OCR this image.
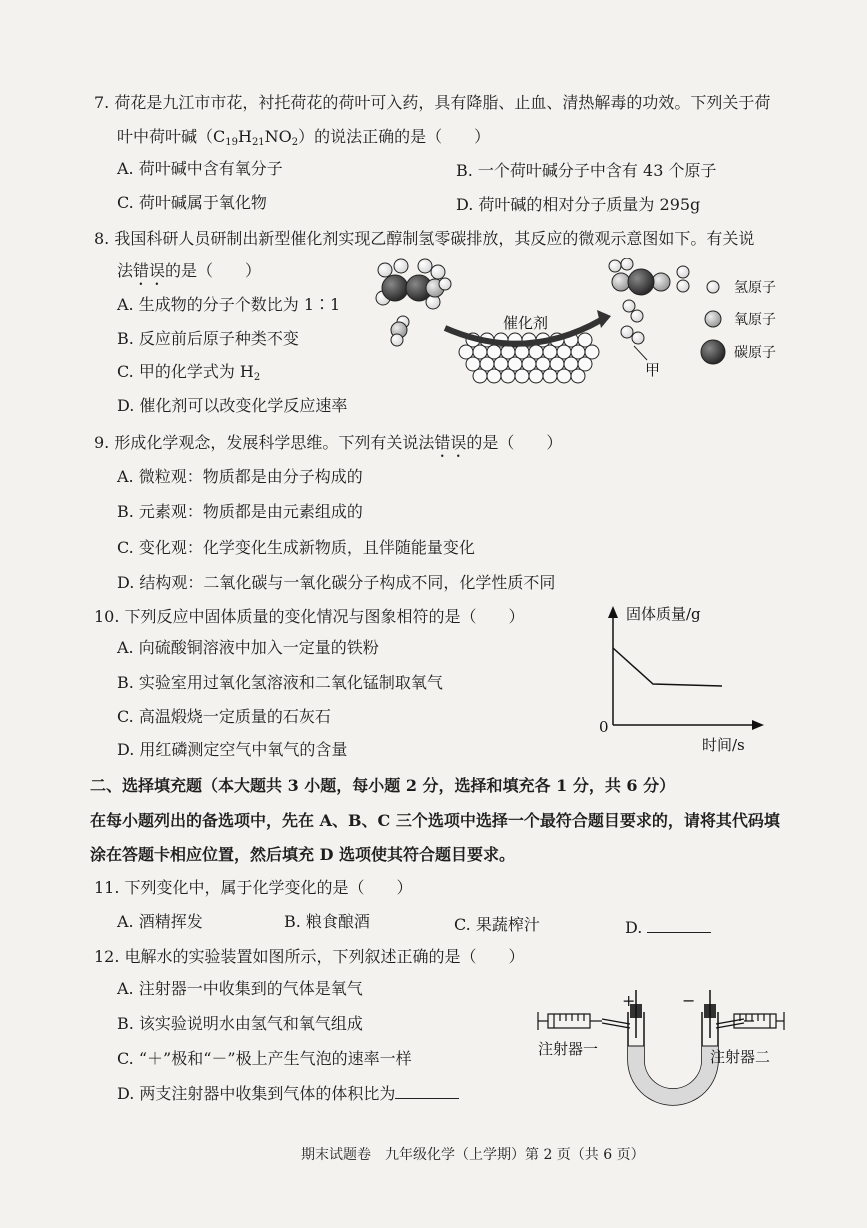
7. 荷花是九江市市花，衬托荷花的荷叶可入药，具有降脂、止血、清热解毒的功效。下列关于荷
叶中荷叶碱$(C_{19}H_{21}NO_2)$的说法正确的是（　　）
A. 荷叶碱中含有氧分子	B. 一个荷叶碱分子中含有 43 个原子
C. 荷叶碱属于氧化物	D. 荷叶碱的相对分子质量为 295g
8. 我国科研人员研制出新型催化剂实现乙醇制氢零碳排放，其反应的微观示意图如下。有关说
法错误的是（　　）
A. 生成物的分子个数比为 1∶1
B. 反应前后原子种类不变
C. 甲的化学式为 $H_2$
D. 催化剂可以改变化学反应速率
催化剂
甲
氢原子
氧原子
碳原子
9. 形成化学观念，发展科学思维。下列有关说法错误的是（　　）
A. 微粒观：物质都是由分子构成的
B. 元素观：物质都是由元素组成的
C. 变化观：化学变化生成新物质，且伴随能量变化
D. 结构观：二氧化碳与一氧化碳分子构成不同，化学性质不同
10. 下列反应中固体质量的变化情况与图象相符的是（　　）
A. 向硫酸铜溶液中加入一定量的铁粉
B. 实验室用过氧化氢溶液和二氧化锰制取氧气
C. 高温煅烧一定质量的石灰石
D. 用红磷测定空气中氧气的含量
固体质量/g
0
时间/s
二、选择填充题（本大题共 3 小题，每小题 2 分，选择和填充各 1 分，共 6 分）
在每小题列出的备选项中，先在 A、B、C 三个选项中选择一个最符合题目要求的，请将其代码填
涂在答题卡相应位置，然后填充 D 选项使其符合题目要求。
11. 下列变化中，属于化学变化的是（　　）
A. 酒精挥发	B. 粮食酿酒	C. 果蔬榨汁	D.
12. 电解水的实验装置如图所示，下列叙述正确的是（　　）
A. 注射器一中收集到的气体是氧气
B. 该实验说明水由氢气和氧气组成
C. “＋”极和“－”极上产生气泡的速率一样
D. 两支注射器中收集到气体的体积比为
+	−
注射器一	注射器二
期末试题卷　九年级化学（上学期）第 2 页（共 6 页）
